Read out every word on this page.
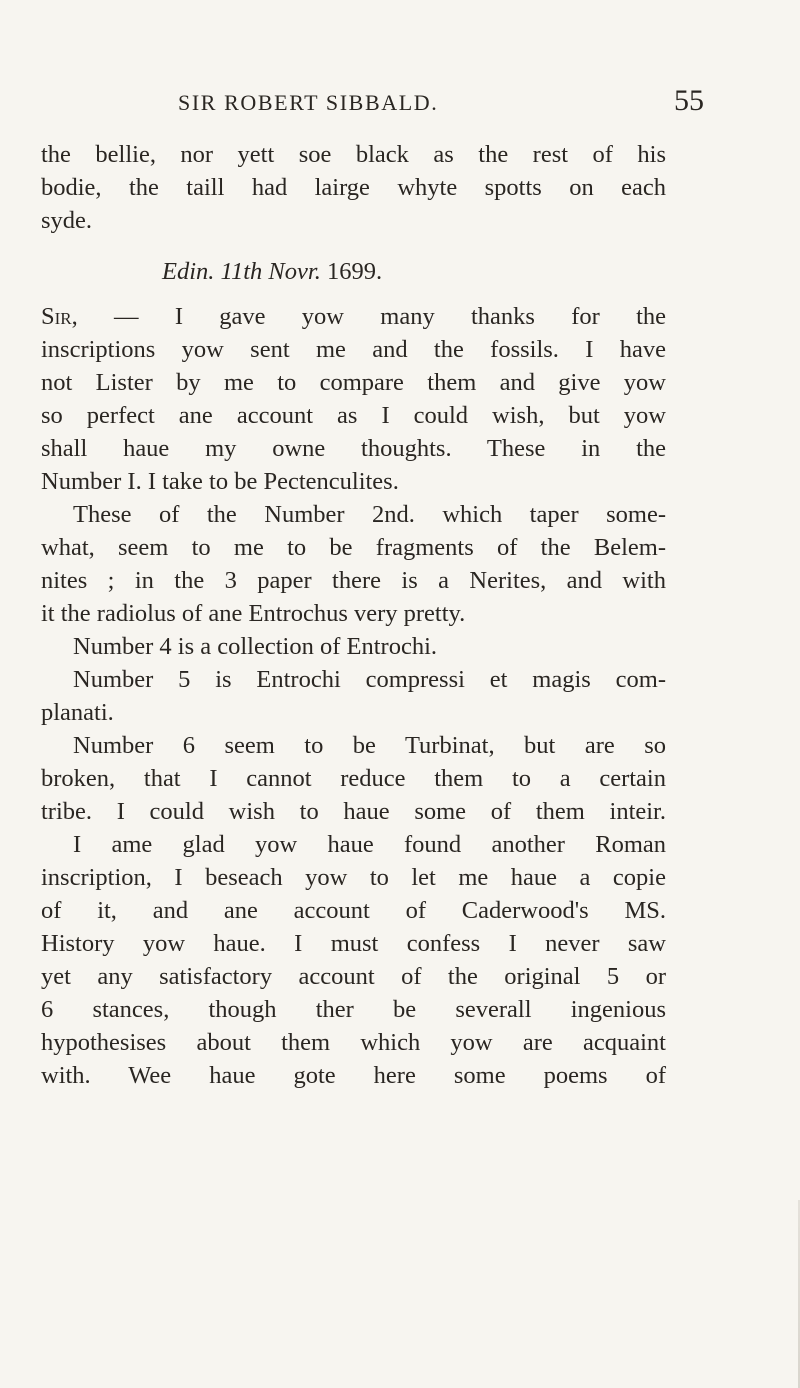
SIR ROBERT SIBBALD.	55
the bellie, nor yett soe black as the rest of his
bodie, the taill had lairge whyte spotts on each
syde.
Edin. 11th Novr. 1699.
Sir, — I gave yow many thanks for the
inscriptions yow sent me and the fossils. I have
not Lister by me to compare them and give yow
so perfect ane account as I could wish, but yow
shall haue my owne thoughts. These in the
Number I. I take to be Pectenculites.
These of the Number 2nd. which taper some-
what, seem to me to be fragments of the Belem-
nites ; in the 3 paper there is a Nerites, and with
it the radiolus of ane Entrochus very pretty.
Number 4 is a collection of Entrochi.
Number 5 is Entrochi compressi et magis com-
planati.
Number 6 seem to be Turbinat, but are so
broken, that I cannot reduce them to a certain
tribe. I could wish to haue some of them inteir.
I ame glad yow haue found another Roman
inscription, I beseach yow to let me haue a copie
of it, and ane account of Caderwood's MS.
History yow haue. I must confess I never saw
yet any satisfactory account of the original 5 or
6 stances, though ther be severall ingenious
hypothesises about them which yow are acquaint
with. Wee haue gote here some poems of
